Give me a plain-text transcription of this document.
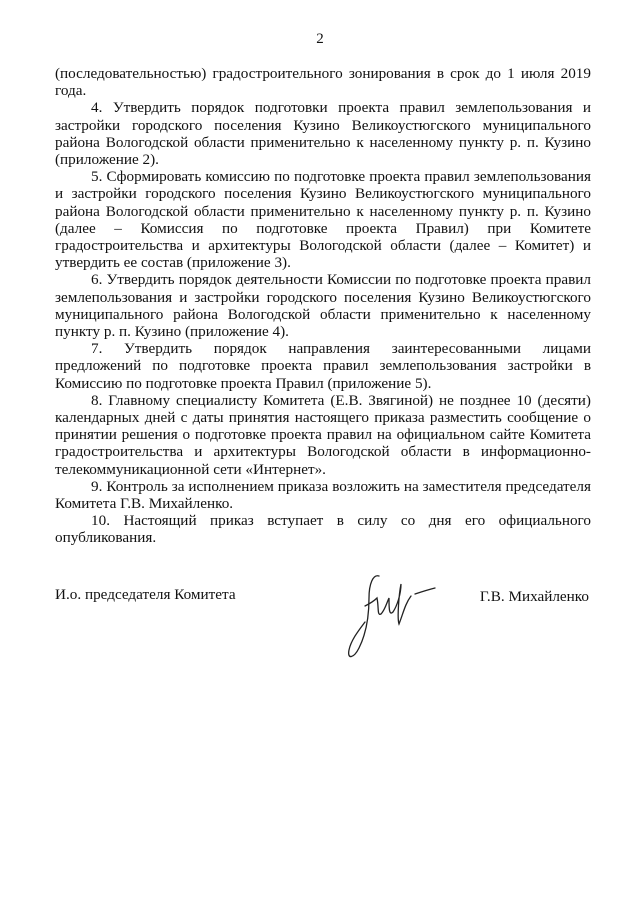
2

(последовательностью) градостроительного зонирования в срок до 1 июля 2019 года.

4. Утвердить порядок подготовки проекта правил землепользования и застройки городского поселения Кузино Великоустюгского муниципального района Вологодской области применительно к населенному пункту р. п. Кузино (приложение 2).

5. Сформировать комиссию по подготовке проекта правил землепользования и застройки городского поселения Кузино Великоустюгского муниципального района Вологодской области применительно к населенному пункту р. п. Кузино (далее – Комиссия по подготовке проекта Правил) при Комитете градостроительства и архитектуры Вологодской области (далее – Комитет) и утвердить ее состав (приложение 3).

6. Утвердить порядок деятельности Комиссии по подготовке проекта правил землепользования и застройки городского поселения Кузино Великоустюгского муниципального района Вологодской области применительно к населенному пункту р. п. Кузино (приложение 4).

7. Утвердить порядок направления заинтересованными лицами предложений по подготовке проекта правил землепользования застройки в Комиссию по подготовке проекта Правил (приложение 5).

8. Главному специалисту Комитета (Е.В. Звягиной) не позднее 10 (десяти) календарных дней с даты принятия настоящего приказа разместить сообщение о принятии решения о подготовке проекта правил на официальном сайте Комитета градостроительства и архитектуры Вологодской области в информационно-телекоммуникационной сети «Интернет».

9. Контроль за исполнением приказа возложить на заместителя председателя Комитета Г.В. Михайленко.

10. Настоящий приказ вступает в силу со дня его официального опубликования.

И.о. председателя Комитета	Г.В. Михайленко
